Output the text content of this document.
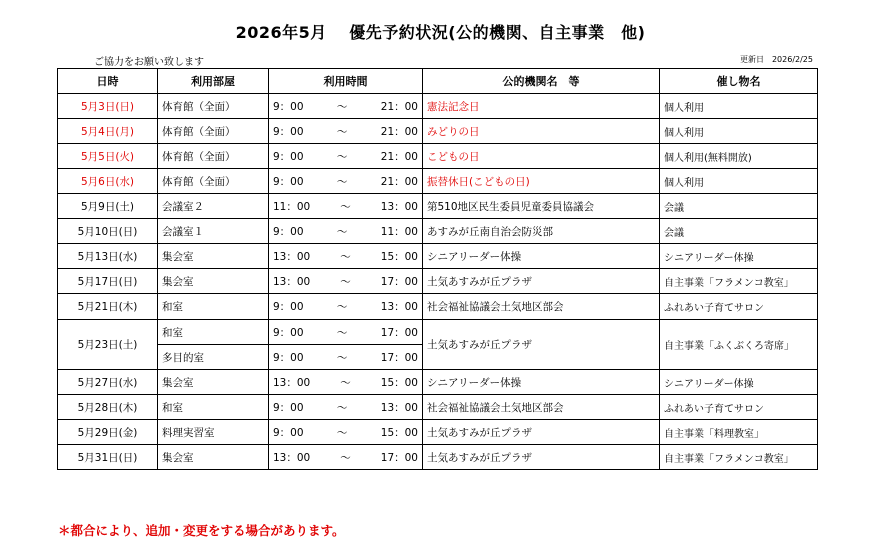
2026年5月　 優先予約状況(公的機関、自主事業　他)
ご協力をお願い致します	更新日　2026/2/25
日時	利用部屋	利用時間	公的機関名　等	催し物名
5月3日(日)	体育館（全面）	9：00 ～ 21：00	憲法記念日	個人利用
5月4日(月)	体育館（全面）	9：00 ～ 21：00	みどりの日	個人利用
5月5日(火)	体育館（全面）	9：00 ～ 21：00	こどもの日	個人利用(無料開放)
5月6日(水)	体育館（全面）	9：00 ～ 21：00	振替休日(こどもの日)	個人利用
5月9日(土)	会議室２	11：00 ～ 13：00	第510地区民生委員児童委員協議会	会議
5月10日(日)	会議室１	9：00 ～ 11：00	あすみが丘南自治会防災部	会議
5月13日(水)	集会室	13：00 ～ 15：00	シニアリーダー体操	シニアリーダー体操
5月17日(日)	集会室	13：00 ～ 17：00	土気あすみが丘プラザ	自主事業「フラメンコ教室」
5月21日(木)	和室	9：00 ～ 13：00	社会福祉協議会土気地区部会	ふれあい子育てサロン
5月23日(土)	和室	9：00 ～ 17：00	土気あすみが丘プラザ	自主事業「ふくぶくろ寄席」
	多目的室	9：00 ～ 17：00		

5月27日(水)	集会室	13：00 ～ 15：00	シニアリーダー体操	シニアリーダー体操
5月28日(木)	和室	9：00 ～ 13：00	社会福祉協議会土気地区部会	ふれあい子育てサロン
5月29日(金)	料理実習室	9：00 ～ 15：00	土気あすみが丘プラザ	自主事業「料理教室」
5月31日(日)	集会室	13：00 ～ 17：00	土気あすみが丘プラザ	自主事業「フラメンコ教室」
＊都合により、追加・変更をする場合があります。
